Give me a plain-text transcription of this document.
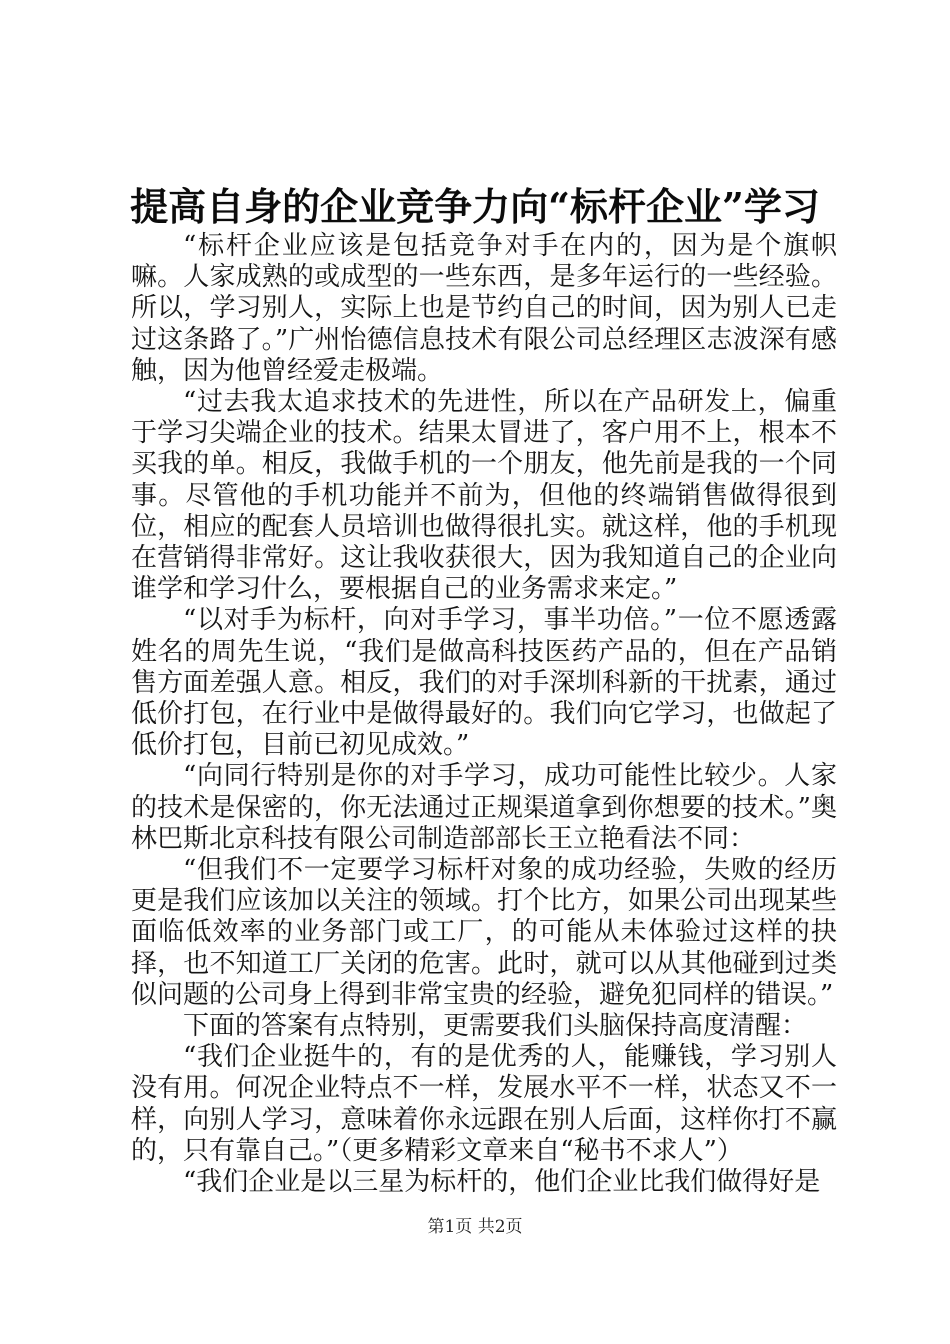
提高自身的企业竞争力向“标杆企业”学习

“标杆企业应该是包括竞争对手在内的，因为是个旗帜嘛。人家成熟的或成型的一些东西，是多年运行的一些经验。所以，学习别人，实际上也是节约自己的时间，因为别人已走过这条路了。”广州怡德信息技术有限公司总经理区志波深有感触，因为他曾经爱走极端。

“过去我太追求技术的先进性，所以在产品研发上，偏重于学习尖端企业的技术。结果太冒进了，客户用不上，根本不买我的单。相反，我做手机的一个朋友，他先前是我的一个同事。尽管他的手机功能并不前为，但他的终端销售做得很到位，相应的配套人员培训也做得很扎实。就这样，他的手机现在营销得非常好。这让我收获很大，因为我知道自己的企业向谁学和学习什么，要根据自己的业务需求来定。”

“以对手为标杆，向对手学习，事半功倍。”一位不愿透露姓名的周先生说，“我们是做高科技医药产品的，但在产品销售方面差强人意。相反，我们的对手深圳科新的干扰素，通过低价打包，在行业中是做得最好的。我们向它学习，也做起了低价打包，目前已初见成效。”

“向同行特别是你的对手学习，成功可能性比较少。人家的技术是保密的，你无法通过正规渠道拿到你想要的技术。”奥林巴斯北京科技有限公司制造部部长王立艳看法不同：

“但我们不一定要学习标杆对象的成功经验，失败的经历更是我们应该加以关注的领域。打个比方，如果公司出现某些面临低效率的业务部门或工厂，的可能从未体验过这样的抉择，也不知道工厂关闭的危害。此时，就可以从其他碰到过类似问题的公司身上得到非常宝贵的经验，避免犯同样的错误。”

下面的答案有点特别，更需要我们头脑保持高度清醒：

“我们企业挺牛的，有的是优秀的人，能赚钱，学习别人没有用。何况企业特点不一样，发展水平不一样，状态又不一样，向别人学习，意味着你永远跟在别人后面，这样你打不赢的，只有靠自己。”（更多精彩文章来自“秘书不求人”）

“我们企业是以三星为标杆的，他们企业比我们做得好是

第1页 共2页
